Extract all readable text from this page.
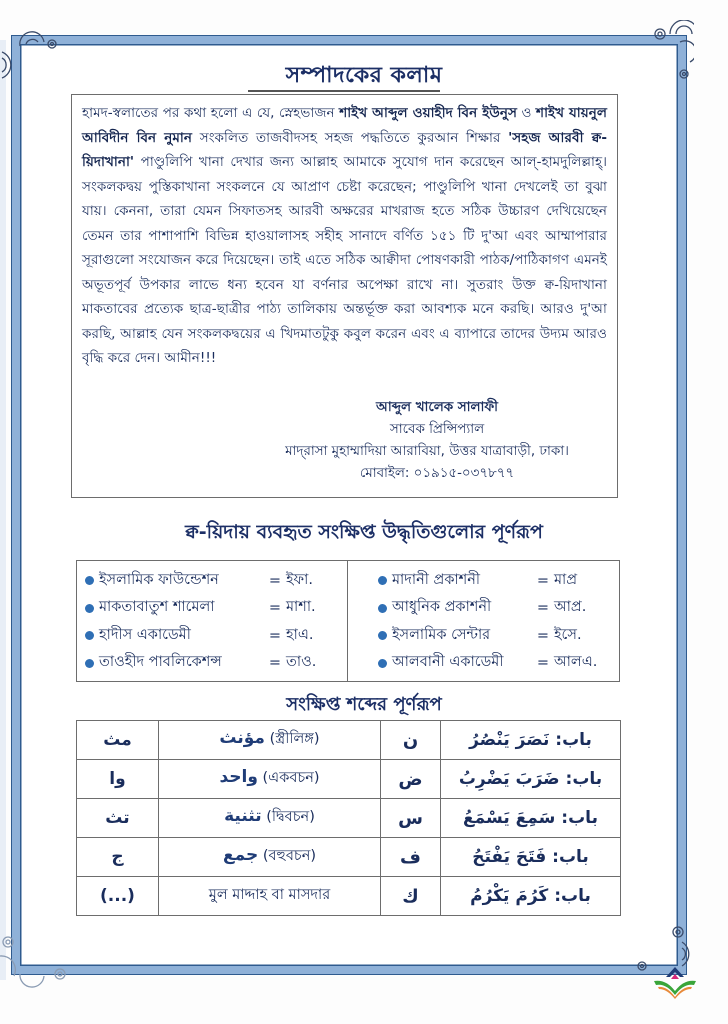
সম্পাদকের কলাম

হামদ-স্বলাতের পর কথা হলো এ যে, স্নেহভাজন শাইখ আব্দুল ওয়াহীদ বিন ইউনুস ও শাইখ যায়নুল আবিদীন বিন নুমান সংকলিত তাজবীদসহ সহজ পদ্ধতিতে কুরআন শিক্ষার 'সহজ আরবী ক্ব-য়িদাখানা' পাণ্ডুলিপি খানা দেখার জন্য আল্লাহ আমাকে সুযোগ দান করেছেন আল্-হামদুলিল্লাহ্। সংকলকদ্বয় পুস্তিকাখানা সংকলনে যে আপ্রাণ চেষ্টা করেছেন; পাণ্ডুলিপি খানা দেখলেই তা বুঝা যায়। কেননা, তারা যেমন সিফাতসহ আরবী অক্ষরের মাখরাজ হতে সঠিক উচ্চারণ দেখিয়েছেন তেমন তার পাশাপাশি বিভিন্ন হাওয়ালাসহ সহীহ সানাদে বর্ণিত ১৫১ টি দু'আ এবং আম্মাপারার সূরাগুলো সংযোজন করে দিয়েছেন। তাই এতে সঠিক আক্বীদা পোষণকারী পাঠক/পাঠিকাগণ এমনই অভূতপূর্ব উপকার লাভে ধন্য হবেন যা বর্ণনার অপেক্ষা রাখে না। সুতরাং উক্ত ক্ব-য়িদাখানা মাকতাবের প্রত্যেক ছাত্র-ছাত্রীর পাঠ্য তালিকায় অন্তর্ভূক্ত করা আবশ্যক মনে করছি। আরও দু'আ করছি, আল্লাহ যেন সংকলকদ্বয়ের এ খিদমাতটুকু কবুল করেন এবং এ ব্যাপারে তাদের উদ্যম আরও বৃদ্ধি করে দেন। আমীন!!!

আব্দুল খালেক সালাফী
সাবেক প্রিন্সিপ্যাল
মাদ্‌রাসা মুহাম্মাদিয়া আরাবিয়া, উত্তর যাত্রাবাড়ী, ঢাকা।
মোবাইল: ০১৯১৫-০৩৭৮৭৭
ক্ব-য়িদায় ব্যবহৃত সংক্ষিপ্ত উদ্ধৃতিগুলোর পূর্ণরূপ
ইসলামিক ফাউন্ডেশন	= ইফা.
মাকতাবাতুশ শামেলা	= মাশা.
হাদীস একাডেমী	= হাএ.
তাওহীদ পাবলিকেশন্স	= তাও.
মাদানী প্রকাশনী	= মাপ্র
আধুনিক প্রকাশনী	= আপ্র.
ইসলামিক সেন্টার	= ইসে.
আলবানী একাডেমী	= আলএ.
সংক্ষিপ্ত শব্দের পূর্ণরূপ
مث	مؤنث (স্ত্রীলিঙ্গ)	ن	باب: نَصَرَ يَنْصُرُ
وا	واحد (একবচন)	ض	باب: ضَرَبَ يَضْرِبُ
تث	تثنية (দ্বিবচন)	س	باب: سَمِعَ يَسْمَعُ
ج	جمع (বহুবচন)	ف	باب: فَتَحَ يَفْتَحُ
(...)	মুল মাদ্দাহ বা মাসদার	ك	باب: كَرُمَ يَكْرُمُ
